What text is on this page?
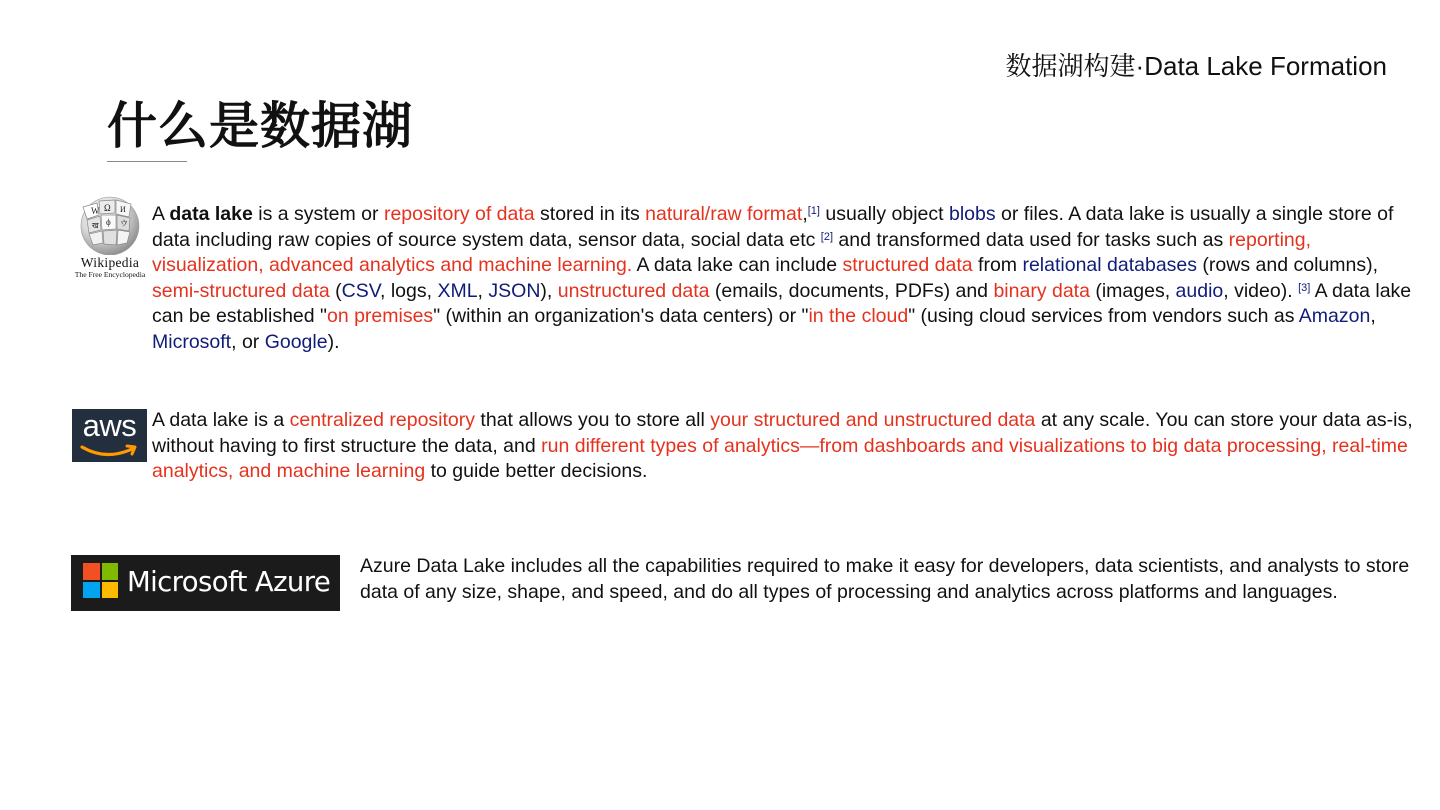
数据湖构建·Data Lake Formation
什么是数据湖
W Ω И
ϕ ウ
ख
Wikipedia
The Free Encyclopedia

A data lake is a system or repository of data stored in its natural/raw format,[1] usually object blobs or files. A data lake is usually a single store of data including raw copies of source system data, sensor data, social data etc [2] and transformed data used for tasks such as reporting, visualization, advanced analytics and machine learning. A data lake can include structured data from relational databases (rows and columns), semi-structured data (CSV, logs, XML, JSON), unstructured data (emails, documents, PDFs) and binary data (images, audio, video). [3] A data lake can be established "on premises" (within an organization's data centers) or "in the cloud" (using cloud services from vendors such as Amazon, Microsoft, or Google).

aws A data lake is a centralized repository that allows you to store all your structured and unstructured data at any scale. You can store your data as-is, without having to first structure the data, and run different types of analytics—from dashboards and visualizations to big data processing, real-time analytics, and machine learning to guide better decisions.

Microsoft Azure Azure Data Lake includes all the capabilities required to make it easy for developers, data scientists, and analysts to store data of any size, shape, and speed, and do all types of processing and analytics across platforms and languages.
